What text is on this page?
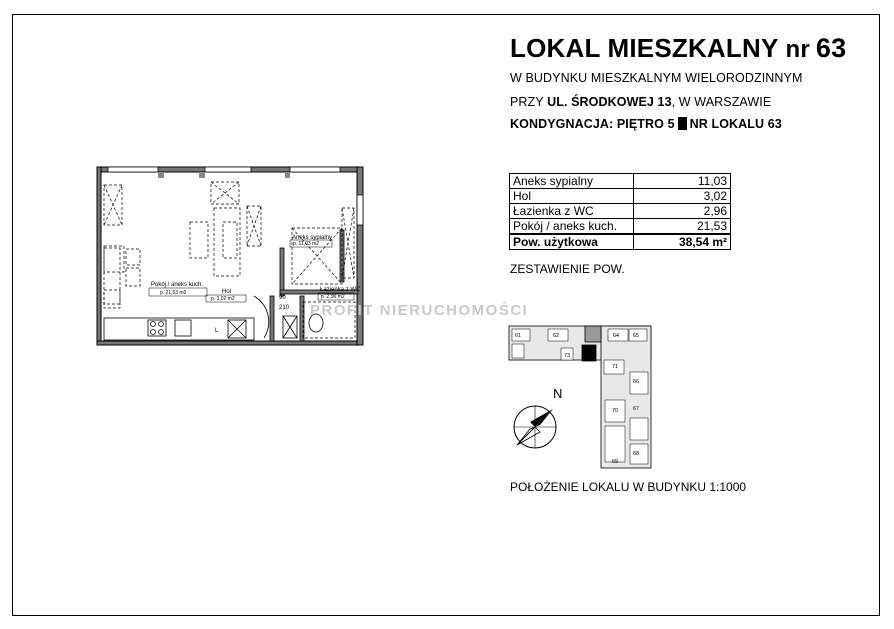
LOKAL MIESZKALNY nr 63
W BUDYNKU MIESZKALNYM WIELORODZINNYM
PRZY UL. ŚRODKOWEJ 13, W WARSZAWIE
KONDYGNACJA: PIĘTRO 5 NR LOKALU 63
Aneks sypialny	11,03
Hol	3,02
Łazienka z WC	2,96
Pokój / aneks kuch.	21,53
Pow. użytkowa	38,54 m²
ZESTAWIENIE POW.
L
Pokój / aneks kuch.
p. 21,53 m2	Hol
p. 3,02 m2
Aneks sypialny
p. 11,03 m2
Łazienka z WC
p. 2,96 m2
90
210 PROFIT NIERUCHOMOŚCI
61	62	64	65
66
67
68
69
70
71
72
73
N
POŁOŻENIE LOKALU W BUDYNKU 1:1000
